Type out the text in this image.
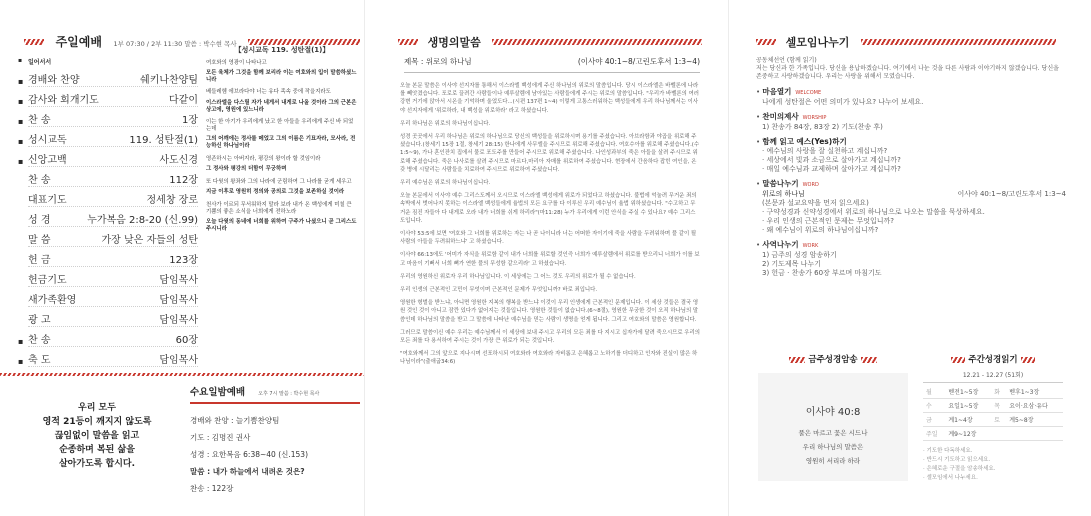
주일예배 1부 07:30 / 2부 11:30 말씀 : 박수현 목사
▪ 일어서서
▪ 경배와 찬양	쉐키나찬양팀
▪ 감사와 회개기도	다같이
▪ 찬 송	1장
▪ 성시교독	119. 성탄절(1)
▪ 신앙고백	사도신경
찬 송	112장
대표기도	정세창 장로
성 경	누가복음 2:8-20 (신.99)
말 씀	가장 낮은 자들의 성탄
헌 금	123장
헌금기도	담임목사
새가족환영	담임목사
광 고	담임목사
▪ 찬 송	60장
▪ 축 도	담임목사
【성시교독 119. 성탄절(1)】
여호와의 영광이 나타나고
모든 육체가 그것을 함께 보리라 이는 여호와의 입이 말씀하셨느니라
베들레헴 에브라다야 너는 유다 족속 중에 작을지라도
이스라엘을 다스릴 자가 네게서 내게로 나올 것이라 그의 근본은 상고에, 영원에 있느니라
이는 한 아기가 우리에게 났고 한 아들을 우리에게 주신 바 되었는데
그의 어깨에는 정사를 메었고 그의 이름은 기묘자라, 모사라, 전능하신 하나님이라
영존하시는 아버지라, 평강의 왕이라 할 것임이라
그 정사와 평강의 더함이 무궁하며
또 다윗의 왕좌와 그의 나라에 군림하여 그 나라를 굳게 세우고
지금 이후로 영원히 정의와 공의로 그것을 보존하실 것이라
천사가 이르되 무서워하지 말라 보라 내가 온 백성에게 미칠 큰 기쁨의 좋은 소식을 너희에게 전하노라
오늘 다윗의 동네에 너희를 위하여 구주가 나셨으니 곧 그리스도 주시니라
우리 모두
영적 21등이 깨지지 않도록
끊임없이 말씀을 읽고
순종하며 복된 삶을
살아가도록 합시다.
수요일밤예배	오후 7시 말씀 : 박수현 목사
경배와 찬양 : 늘기쁨찬양팀
기도 : 김명진 권사
성경 : 요한복음 6:38~40 (신.153)
말씀 : 내가 하늘에서 내려온 것은?
찬송 : 122장
생명의말씀
제목 : 위로의 하나님	(이사야 40:1~8/고린도후서 1:3~4)

오늘 본문 말씀은 이사야 선지자를 통해서 이스라엘 백성에게 주신 하나님의 위로의 말씀입니다. 당시 이스라엘은 바벨론에 나라를 빼앗겼습니다. 포로로 끌려간 사람들이나 예루살렘에 남아있는 사람들에게 주시는 위로의 말씀입니다. "우리가 바벨론의 여러 강변 거기에 앉아서 시온을 기억하며 울었도다...(시편 137편 1~4) 이렇게 고통스러워하는 백성들에게 우리 하나님께서는 이사야 선지자에게 '위로하라, 내 백성을 위로하라' 라고 하셨습니다.

우리 하나님은 위로의 하나님이십니다.

성경 곳곳에서 우리 하나님은 위로의 하나님으로 당신의 백성들을 위로하시며 용기를 주셨습니다. 아브라함과 야곱을 위로해 주셨습니다.(창세기 15장 1절, 창세기 28:15) 한나에게 사무엘을 주시므로 위로해 주셨습니다. 여호수아를 위로해 주셨습니다.(수1:5~9), 가나 혼인잔치 집에서 물로 포도주를 만들어 주시므로 위로해 주셨습니다. 나인성과부의 죽은 아들을 살려 주시므로 위로해 주셨습니다. 죽은 나사로를 살려 주시므로 마르다,마리아 자매를 위로하여 주셨습니다. 현장에서 간음하다 잡힌 여인을, 온갖 병에 시달리는 사람들을 치료하여 주시므로 위로하여 주셨습니다.

우리 예수님은 위로의 하나님이십니다.

오늘 본문에서 이사야 예수 그리스도께서 오시므로 이스라엘 백성에게 위로가 되었다고 하셨습니다. 불법에 억눌려 무거운 죄의 속박에서 벗어나지 못하는 이스라엘 백성들에게 율법의 모든 요구를 다 이루신 우리 예수님이 율법 위하셨습니다. "수고하고 무거운 짐진 자들아 다 내게로 오라 내가 너희를 쉬게 하리라"(마11:28) 누가 우리에게 이런 안식을 주실 수 있나요? 예수 그리스도입니다.

이사야 53:5에 보면 '여호와 그 너희를 위로하는 자는 나 곧 나이니라 너는 어떠한 자이기에 죽을 사람을 두려워하며 풀 같이 될 사람의 아들을 두려워하느냐' 고 하셨습니다.

이사야 66:13에도 '어미가 자식을 위로함 같이 내가 너희를 위로할 것인즉 너희가 예루살렘에서 위로를 받으리니 너희가 이를 보고 마음이 기뻐서 너희 뼈가 연한 풀의 무성함 같으리라' 고 하셨습니다.

우리의 영원하신 위로자 우리 하나님입니다. 이 세상에는 그 어느 것도 우리의 위로가 될 수 없습니다.

우리 인생의 근본적인 고민이 무엇이며 근본적인 문제가 무엇입니까? 바로 죄입니다.

영원한 형벌을 받느냐, 아니면 영원한 지복의 행복을 받느냐 이것이 우리 인생에게 근본적인 문제입니다. 이 세상 것들은 결국 영원 것인 것이 아니고 잠깐 있다가 없어지는 것들입니다. 영원한 것들이 없습니다.(6~8절), 영원한 무궁한 것이 오직 하나님의 말씀인데 하나님의 말씀을 받고 그 말씀에 나타난 예수님을 믿는 사람이 생명을 얻게 됩니다. 그리고 여호와의 말씀은 영원합니다.

그러므로 말씀이신 예수 우리는 예수님께서 이 세상에 보내 주시고 우리의 모든 죄를 다 지시고 십자가에 달려 죽으시므로 우리의 모든 죄를 다 용서하여 주시는 것이 가장 큰 위로가 되는 것입니다.

"여호와께서 그의 앞으로 지나시며 선포하시되 여호와라 여호와라 자비롭고 은혜롭고 노하기를 더디하고 인자와 진실이 많은 하나님이라"(출애굽34:6)

셀모임나누기
공동체선언 (함께 읽기)
저는 당신과 한 가족입니다. 당신을 용납하겠습니다. 여기에서 나눈 것을 다른 사람과 이야기하지 않겠습니다. 당신을 존중하고 사랑하겠습니다. 우리는 사랑을 위해서 모였습니다.
• 마음열기 WELCOME
나에게 성탄절은 어떤 의미가 있나요? 나누어 보세요.
• 찬미의제사 WORSHIP
1) 찬송가 84장, 83장 2) 기도(찬송 후)
• 함께 읽고 예스(Yes)하기
· 예수님의 사랑을 잘 실천하고 계십니까?
· 세상에서 빛과 소금으로 살아가고 계십니까?
· 매일 예수님과 교제하며 살아가고 계십니까?
• 말씀나누기 WORD
위로의 하나님	이사야 40:1~8/고린도후서 1:3~4
(본문과 설교요약을 먼저 읽으세요)
· 구약성경과 신약성경에서 위로의 하나님으로 나오는 말씀을 묵상하세요.
· 우리 인생의 근본적인 문제는 무엇입니까?
· 왜 예수님이 위로의 하나님이십니까?
• 사역나누기 WORK
1) 금주의 성경 암송하기
2) 기도제목 나누기
3) 헌금 · 찬송가 60장 부르며 마침기도
금주성경암송
이사야 40:8
풀은 마르고 꽃은 시드나
우리 하나님의 말씀은
영원히 서리라 하라
주간성경읽기
12.21 - 12.27 (51회)
월	벧전1~5장	화	벧후1~3장
수	요일1~5장	목	요이·요삼·유다
금	계1~4장	토	계5~8장
주일	계9~12장		
· 기도한 다독하세요.
· 반드시 기도하고 읽으세요.
· 은혜로운 구절을 암송하세요.
· 셀모임에서 나누세요.
